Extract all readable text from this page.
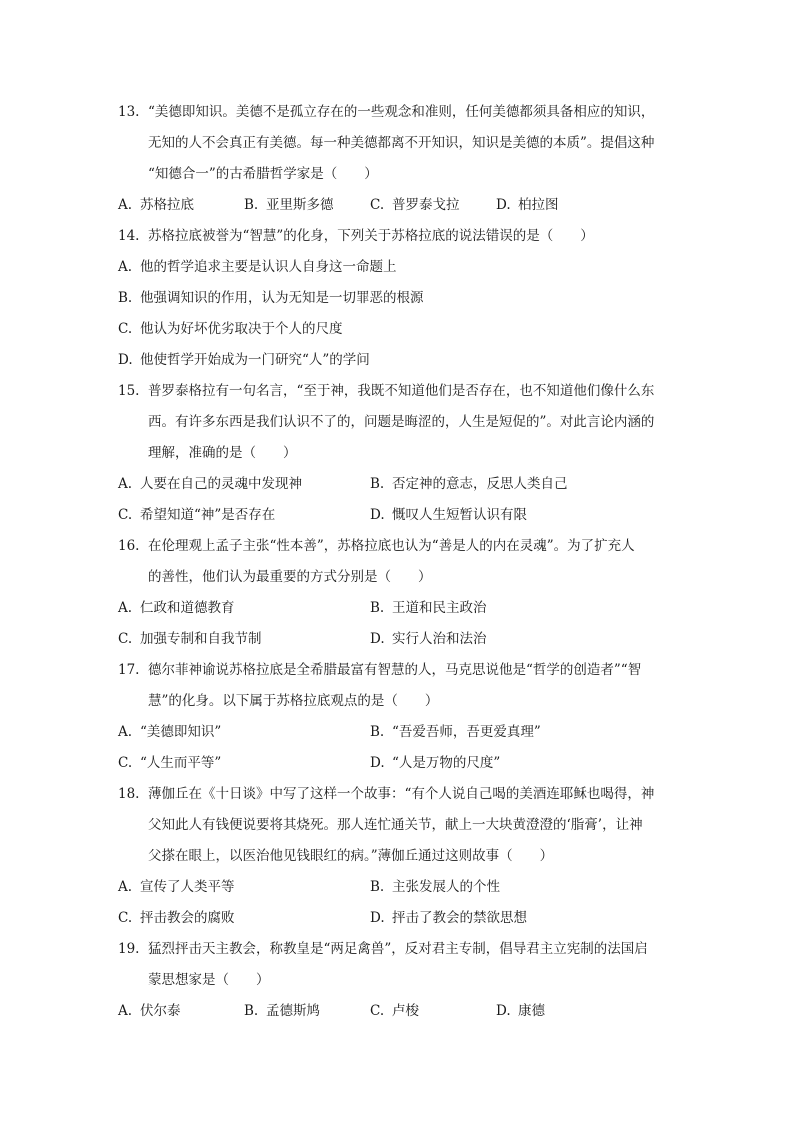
13. “美德即知识。美德不是孤立存在的一些观念和准则，任何美德都须具备相应的知识，
无知的人不会真正有美德。每一种美德都离不开知识，知识是美德的本质”。提倡这种
“知德合一”的古希腊哲学家是（　　）
A. 苏格拉底	B. 亚里斯多德	C. 普罗泰戈拉	D. 柏拉图
14. 苏格拉底被誉为“智慧”的化身，下列关于苏格拉底的说法错误的是（　　）
A. 他的哲学追求主要是认识人自身这一命题上
B. 他强调知识的作用，认为无知是一切罪恶的根源
C. 他认为好坏优劣取决于个人的尺度
D. 他使哲学开始成为一门研究“人”的学问
15. 普罗泰格拉有一句名言，“至于神，我既不知道他们是否存在，也不知道他们像什么东
西。有许多东西是我们认识不了的，问题是晦涩的，人生是短促的”。对此言论内涵的
理解，准确的是（　　）
A. 人要在自己的灵魂中发现神	B. 否定神的意志，反思人类自己
C. 希望知道“神”是否存在	D. 慨叹人生短暂认识有限
16. 在伦理观上孟子主张“性本善”，苏格拉底也认为“善是人的内在灵魂”。为了扩充人
的善性，他们认为最重要的方式分别是（　　）
A. 仁政和道德教育	B. 王道和民主政治
C. 加强专制和自我节制	D. 实行人治和法治
17. 德尔菲神谕说苏格拉底是全希腊最富有智慧的人，马克思说他是“哲学的创造者”“智
慧”的化身。以下属于苏格拉底观点的是（　　）
A. “美德即知识”	B. “吾爱吾师，吾更爱真理”
C. “人生而平等”	D. “人是万物的尺度”
18. 薄伽丘在《十日谈》中写了这样一个故事：“有个人说自己喝的美酒连耶稣也喝得，神
父知此人有钱便说要将其烧死。那人连忙通关节，献上一大块黄澄澄的‘脂膏’，让神
父搽在眼上，以医治他见钱眼红的病。”薄伽丘通过这则故事（　　）
A. 宣传了人类平等	B. 主张发展人的个性
C. 抨击教会的腐败	D. 抨击了教会的禁欲思想
19. 猛烈抨击天主教会，称教皇是“两足禽兽”，反对君主专制，倡导君主立宪制的法国启
蒙思想家是（　　）
A. 伏尔泰	B. 孟德斯鸠	C. 卢梭	D. 康德
